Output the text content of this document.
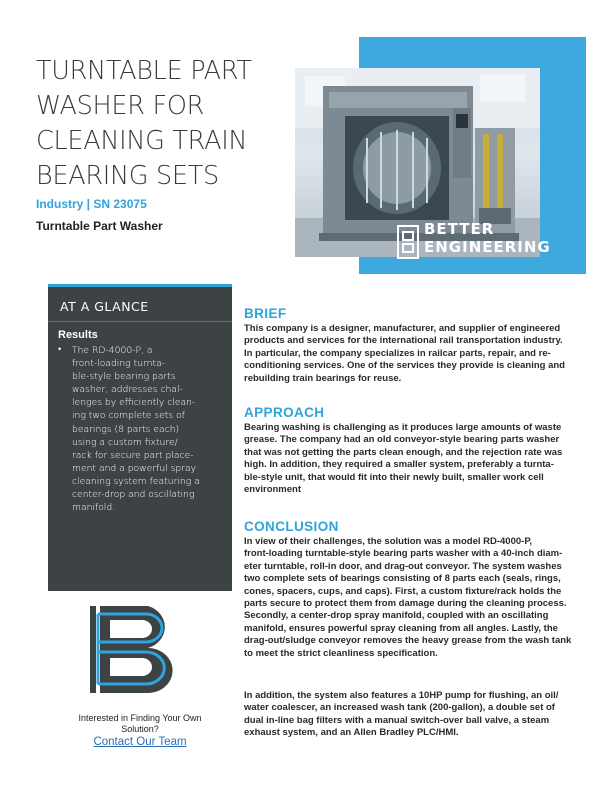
TURNTABLE PART
WASHER FOR
CLEANING TRAIN
BEARING SETS
Industry | SN 23075
Turntable Part Washer	BETTER
ENGINEERING
AT A GLANCE
Results
• The RD-4000-P, a
front-loading turnta-
ble-style bearing parts
washer, addresses chal-
lenges by efficiently clean-
ing two complete sets of
bearings (8 parts each)
using a custom fixture/
rack for secure part place-
ment and a powerful spray
cleaning system featuring a
center-drop and oscillating
manifold.
Interested in Finding Your Own
Solution?
Contact Our Team
BRIEF
This company is a designer, manufacturer, and supplier of engineered
products and services for the international rail transportation industry.
In particular, the company specializes in railcar parts, repair, and re-
conditioning services. One of the services they provide is cleaning and
rebuilding train bearings for reuse.
APPROACH
Bearing washing is challenging as it produces large amounts of waste
grease. The company had an old conveyor-style bearing parts washer
that was not getting the parts clean enough, and the rejection rate was
high. In addition, they required a smaller system, preferably a turnta-
ble-style unit, that would fit into their newly built, smaller work cell
environment
CONCLUSION
In view of their challenges, the solution was a model RD-4000-P,
front-loading turntable-style bearing parts washer with a 40-inch diam-
eter turntable, roll-in door, and drag-out conveyor. The system washes
two complete sets of bearings consisting of 8 parts each (seals, rings,
cones, spacers, cups, and caps). First, a custom fixture/rack holds the
parts secure to protect them from damage during the cleaning process.
Secondly, a center-drop spray manifold, coupled with an oscillating
manifold, ensures powerful spray cleaning from all angles. Lastly, the
drag-out/sludge conveyor removes the heavy grease from the wash tank
to meet the strict cleanliness specification.
In addition, the system also features a 10HP pump for flushing, an oil/
water coalescer, an increased wash tank (200-gallon), a double set of
dual in-line bag filters with a manual switch-over ball valve, a steam
exhaust system, and an Allen Bradley PLC/HMI.
